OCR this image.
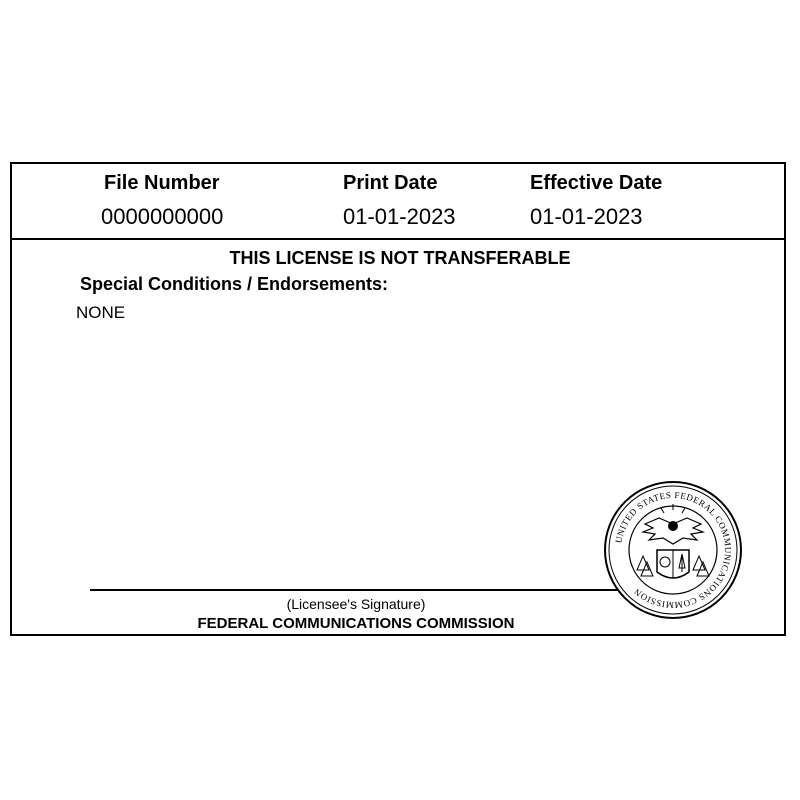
File Number
0000000000
Print Date
01-01-2023
Effective Date
01-01-2023
THIS LICENSE IS NOT TRANSFERABLE
Special Conditions / Endorsements:
NONE
(Licensee's Signature)
FEDERAL COMMUNICATIONS COMMISSION
UNITED STATES FEDERAL COMMUNICATIONS COMMISSION
